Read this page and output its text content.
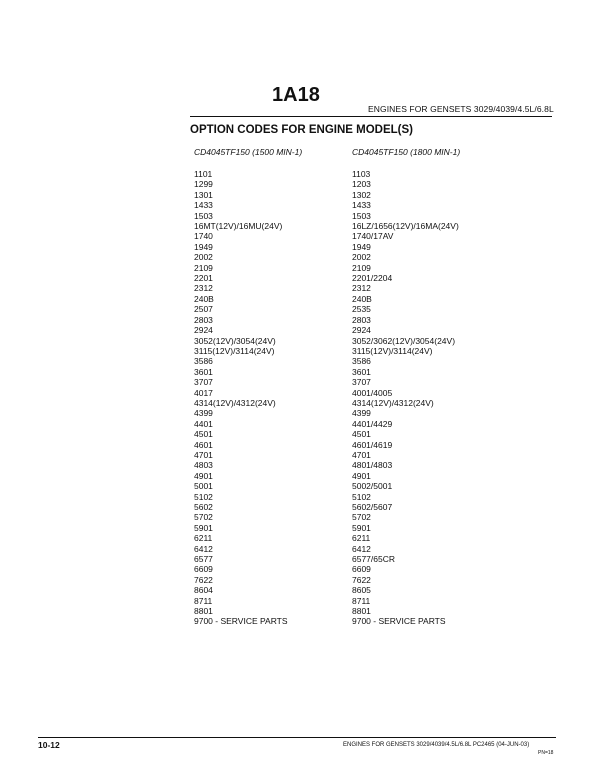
1A18
ENGINES FOR GENSETS 3029/4039/4.5L/6.8L
OPTION CODES FOR ENGINE MODEL(S)
CD4045TF150 (1500 MIN-1)
1101
1299
1301
1433
1503
16MT(12V)/16MU(24V)
1740
1949
2002
2109
2201
2312
240B
2507
2803
2924
3052(12V)/3054(24V)
3115(12V)/3114(24V)
3586
3601
3707
4017
4314(12V)/4312(24V)
4399
4401
4501
4601
4701
4803
4901
5001
5102
5602
5702
5901
6211
6412
6577
6609
7622
8604
8711
8801
9700 - SERVICE PARTS
CD4045TF150 (1800 MIN-1)
1103
1203
1302
1433
1503
16LZ/1656(12V)/16MA(24V)
1740/17AV
1949
2002
2109
2201/2204
2312
240B
2535
2803
2924
3052/3062(12V)/3054(24V)
3115(12V)/3114(24V)
3586
3601
3707
4001/4005
4314(12V)/4312(24V)
4399
4401/4429
4501
4601/4619
4701
4801/4803
4901
5002/5001
5102
5602/5607
5702
5901
6211
6412
6577/65CR
6609
7622
8605
8711
8801
9700 - SERVICE PARTS
10-12	ENGINES FOR GENSETS 3029/4039/4.5L/6.8L PC2465 (04-JUN-03)
PN=18
